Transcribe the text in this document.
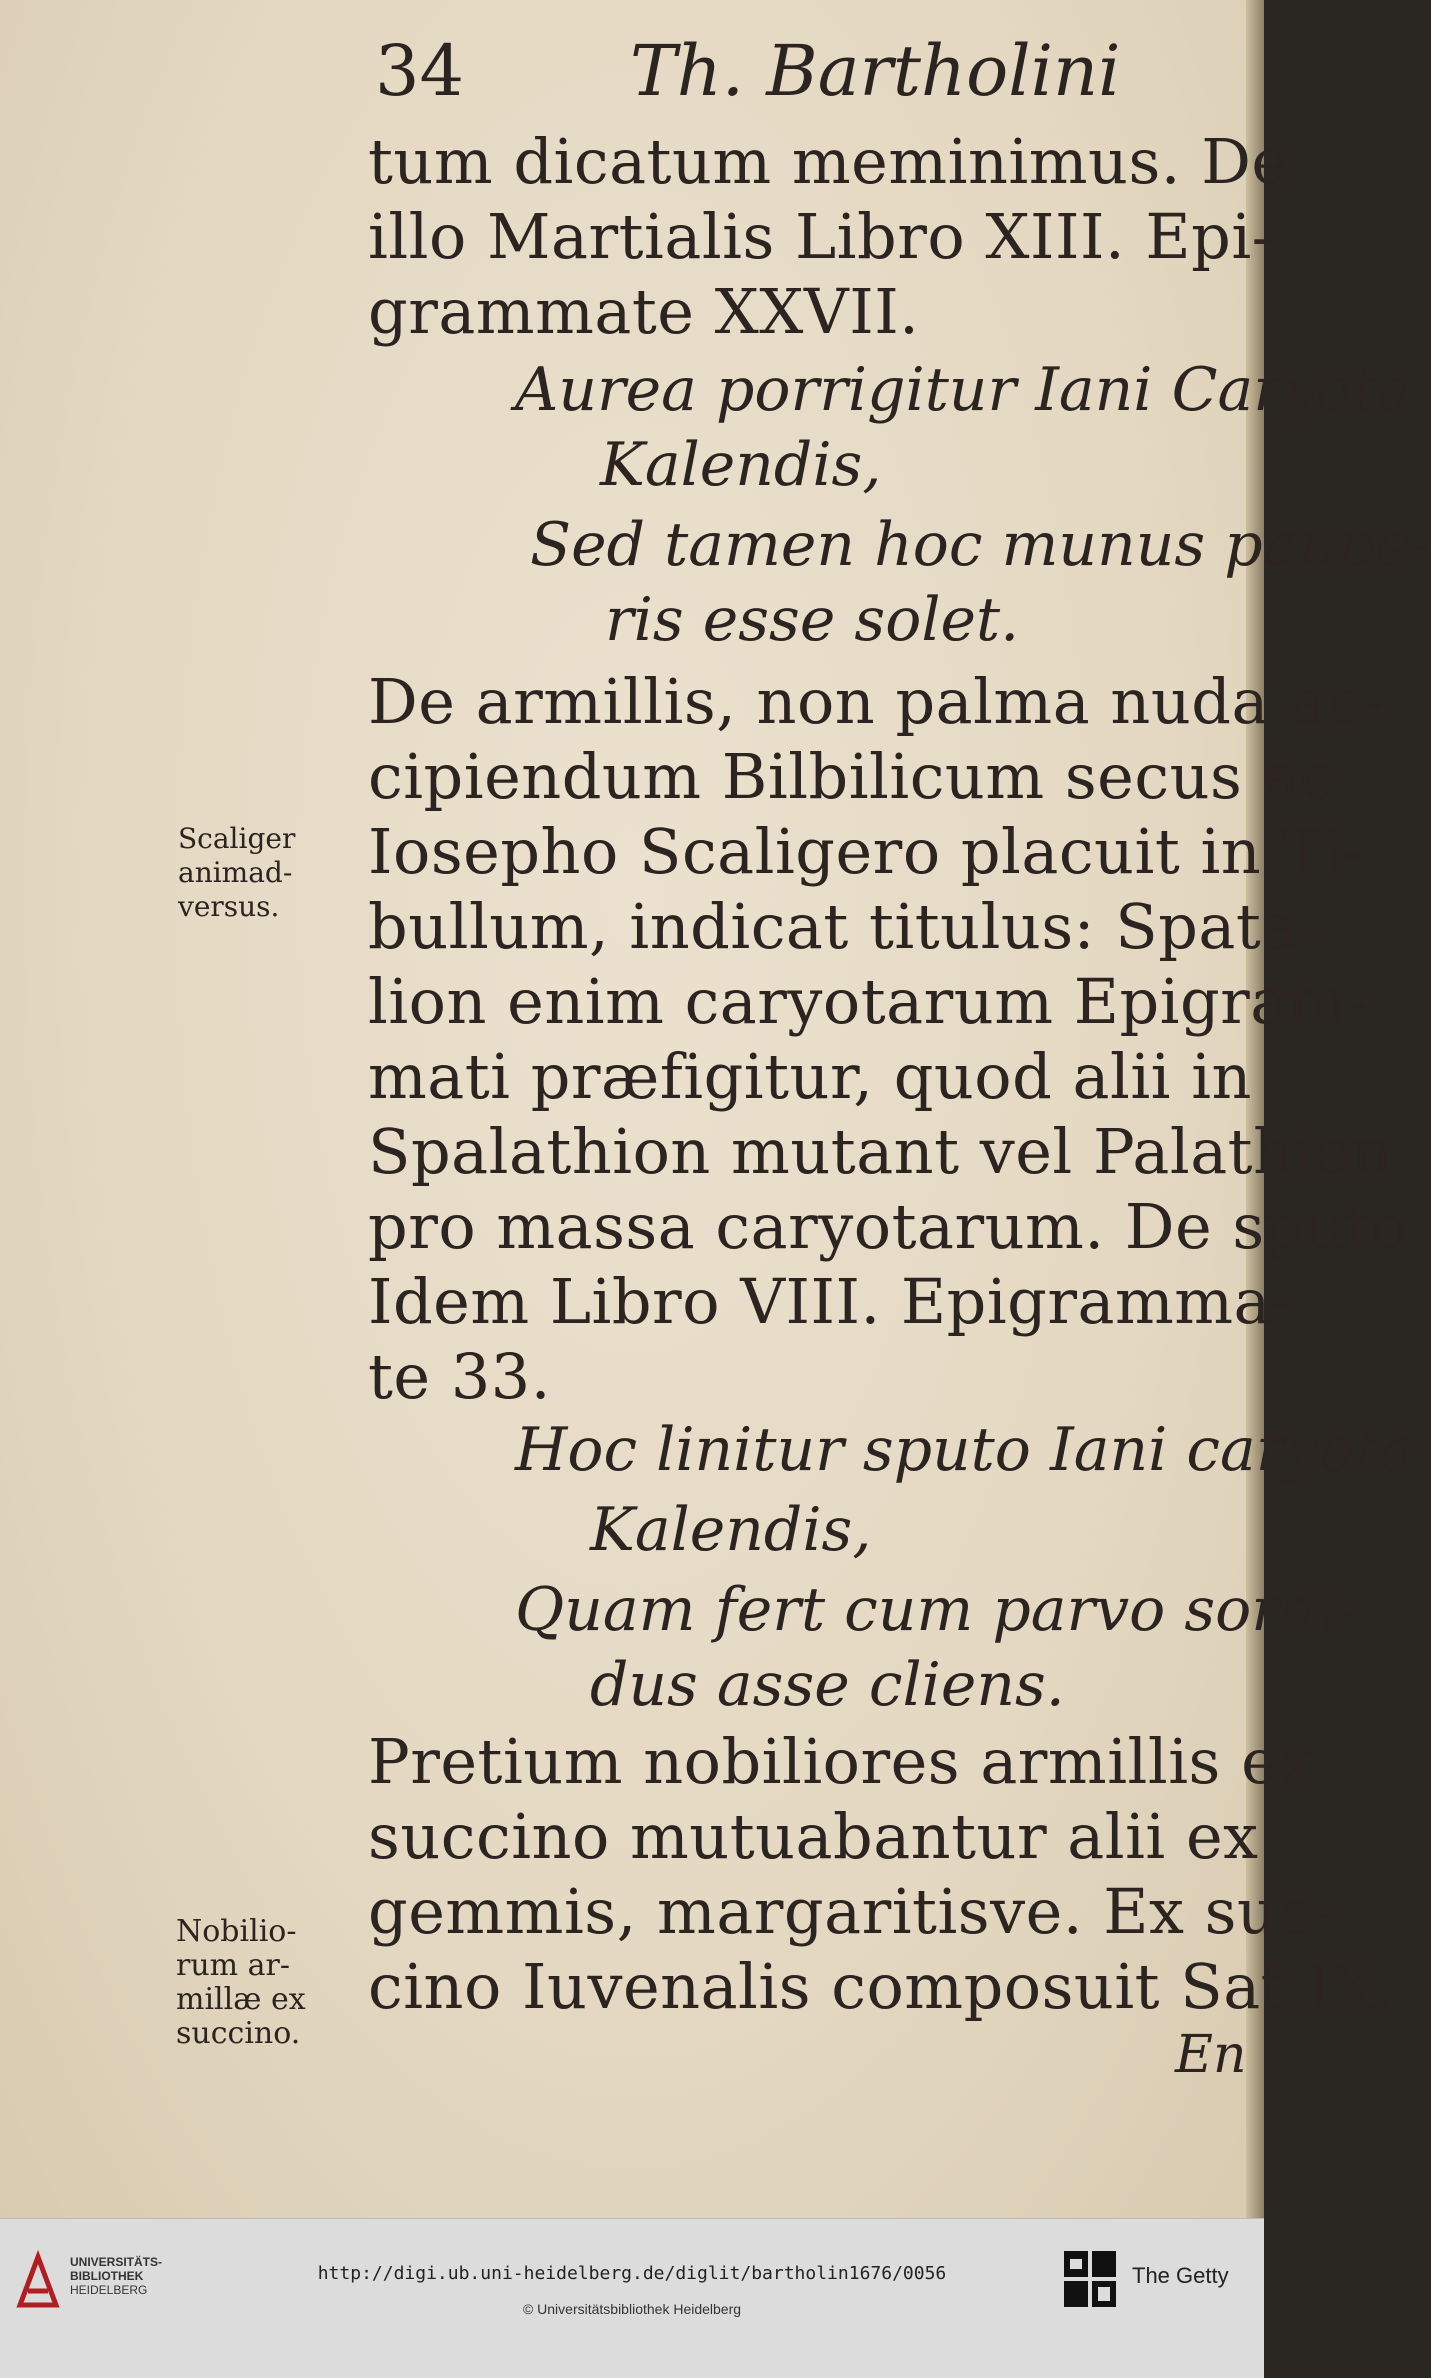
34 Th. Bartholini
tum dicatum meminimus. De
illo Martialis Libro XIII. Epi-
grammate XXVII.
Aurea porrigitur Iani Caryota
Kalendis,
Sed tamen hoc munus paupe-
ris esse solet.
De armillis, non palma nuda ac-
cipiendum Bilbilicum secus ac
Iosepho Scaligero placuit in Ti-
bullum, indicat titulus: Spata-
lion enim caryotarum Epigram-
mati præfigitur, quod alii in
Spalathion mutant vel Palathion
pro massa caryotarum. De sputo
Idem Libro VIII. Epigramma-
te 33.
Hoc linitur sputo Iani caryota
Kalendis,
Quam fert cum parvo sordi-
dus asse cliens.
Pretium nobiliores armillis ex
succino mutuabantur alii ex
gemmis, margaritisve. Ex suc-
cino Iuvenalis composuit Sat.IX.
En
Scaliger
animad-
versus.
Nobilio-
rum ar-
millæ ex
succino.
UNIVERSITÄTS-
BIBLIOTHEK
HEIDELBERG
http://digi.ub.uni-heidelberg.de/diglit/bartholin1676/0056
© Universitätsbibliothek Heidelberg
The Getty
